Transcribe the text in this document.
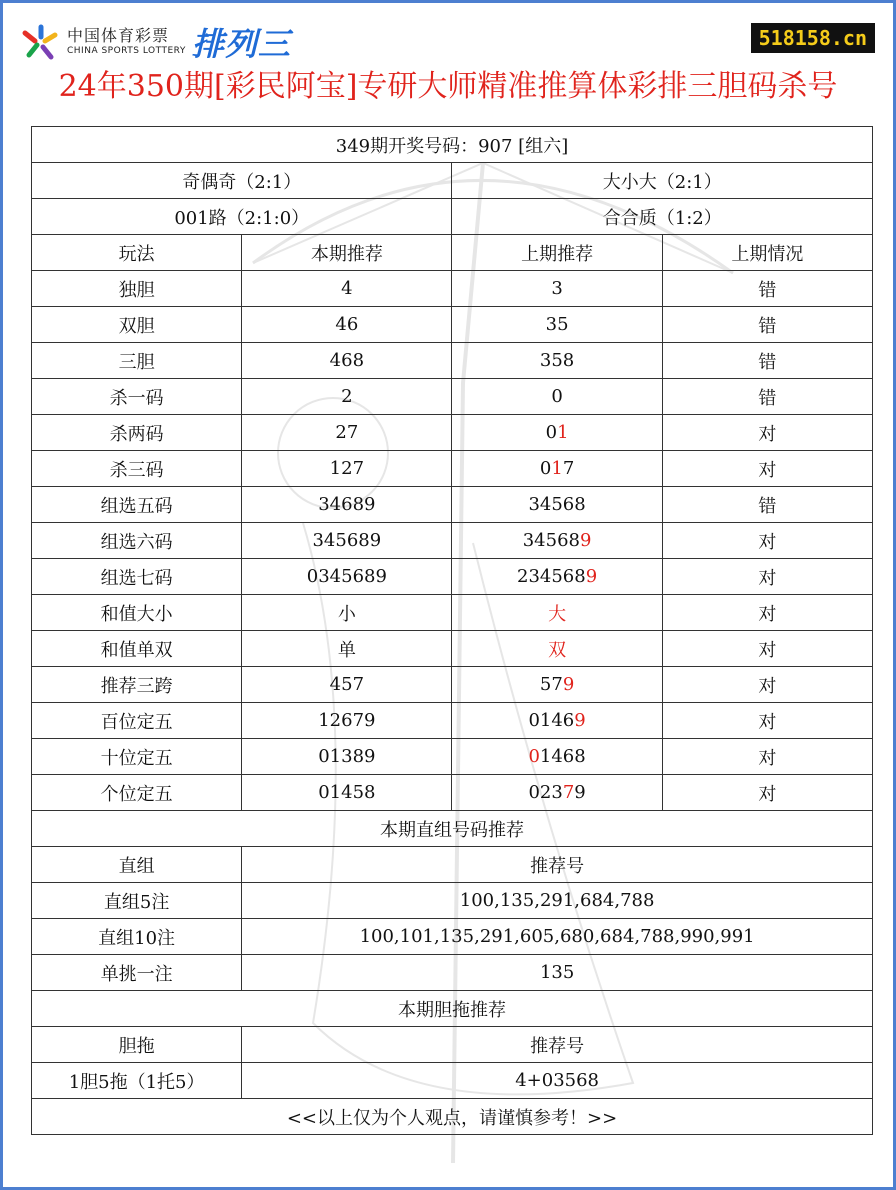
中国体育彩票
CHINA SPORTS LOTTERY 排列三	518158.cn
24年350期[彩民阿宝]专研大师精准推算体彩排三胆码杀号
349期开奖号码：907 [组六]			
奇偶奇（2:1）		大小大（2:1）	
001路（2:1:0）		合合质（1:2）	
玩法	本期推荐	上期推荐	上期情况
独胆	4	3	错
双胆	46	35	错
三胆	468	358	错
杀一码	2	0	错
杀两码	27	01	对
杀三码	127	017	对
组选五码	34689	34568	错
组选六码	345689	345689	对
组选七码	0345689	2345689	对
和值大小	小	大	对
和值单双	单	双	对
推荐三跨	457	579	对
百位定五	12679	01469	对
十位定五	01389	01468	对
个位定五	01458	02379	对
本期直组号码推荐			
直组	推荐号		
直组5注	100,135,291,684,788		
直组10注	100,101,135,291,605,680,684,788,990,991		
单挑一注	135		
本期胆拖推荐			
胆拖	推荐号		
1胆5拖（1托5）	4+03568		
<<以上仅为个人观点，请谨慎参考！>>			
